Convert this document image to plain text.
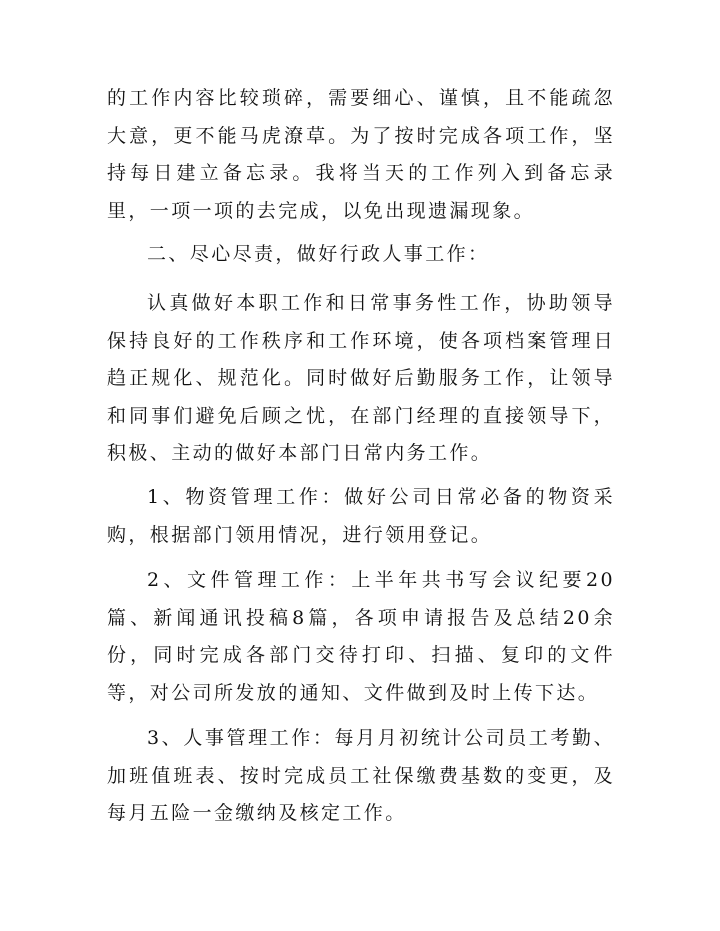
的工作内容比较琐碎，需要细心、谨慎，且不能疏忽大意，更不能马虎潦草。为了按时完成各项工作，坚持每日建立备忘录。我将当天的工作列入到备忘录里，一项一项的去完成，以免出现遗漏现象。

二、尽心尽责，做好行政人事工作：

认真做好本职工作和日常事务性工作，协助领导保持良好的工作秩序和工作环境，使各项档案管理日趋正规化、规范化。同时做好后勤服务工作，让领导和同事们避免后顾之忧，在部门经理的直接领导下，积极、主动的做好本部门日常内务工作。

1、物资管理工作：做好公司日常必备的物资采购，根据部门领用情况，进行领用登记。

2、文件管理工作：上半年共书写会议纪要20篇、新闻通讯投稿8篇，各项申请报告及总结20余份，同时完成各部门交待打印、扫描、复印的文件等，对公司所发放的通知、文件做到及时上传下达。

3、人事管理工作：每月月初统计公司员工考勤、加班值班表、按时完成员工社保缴费基数的变更，及每月五险一金缴纳及核定工作。
